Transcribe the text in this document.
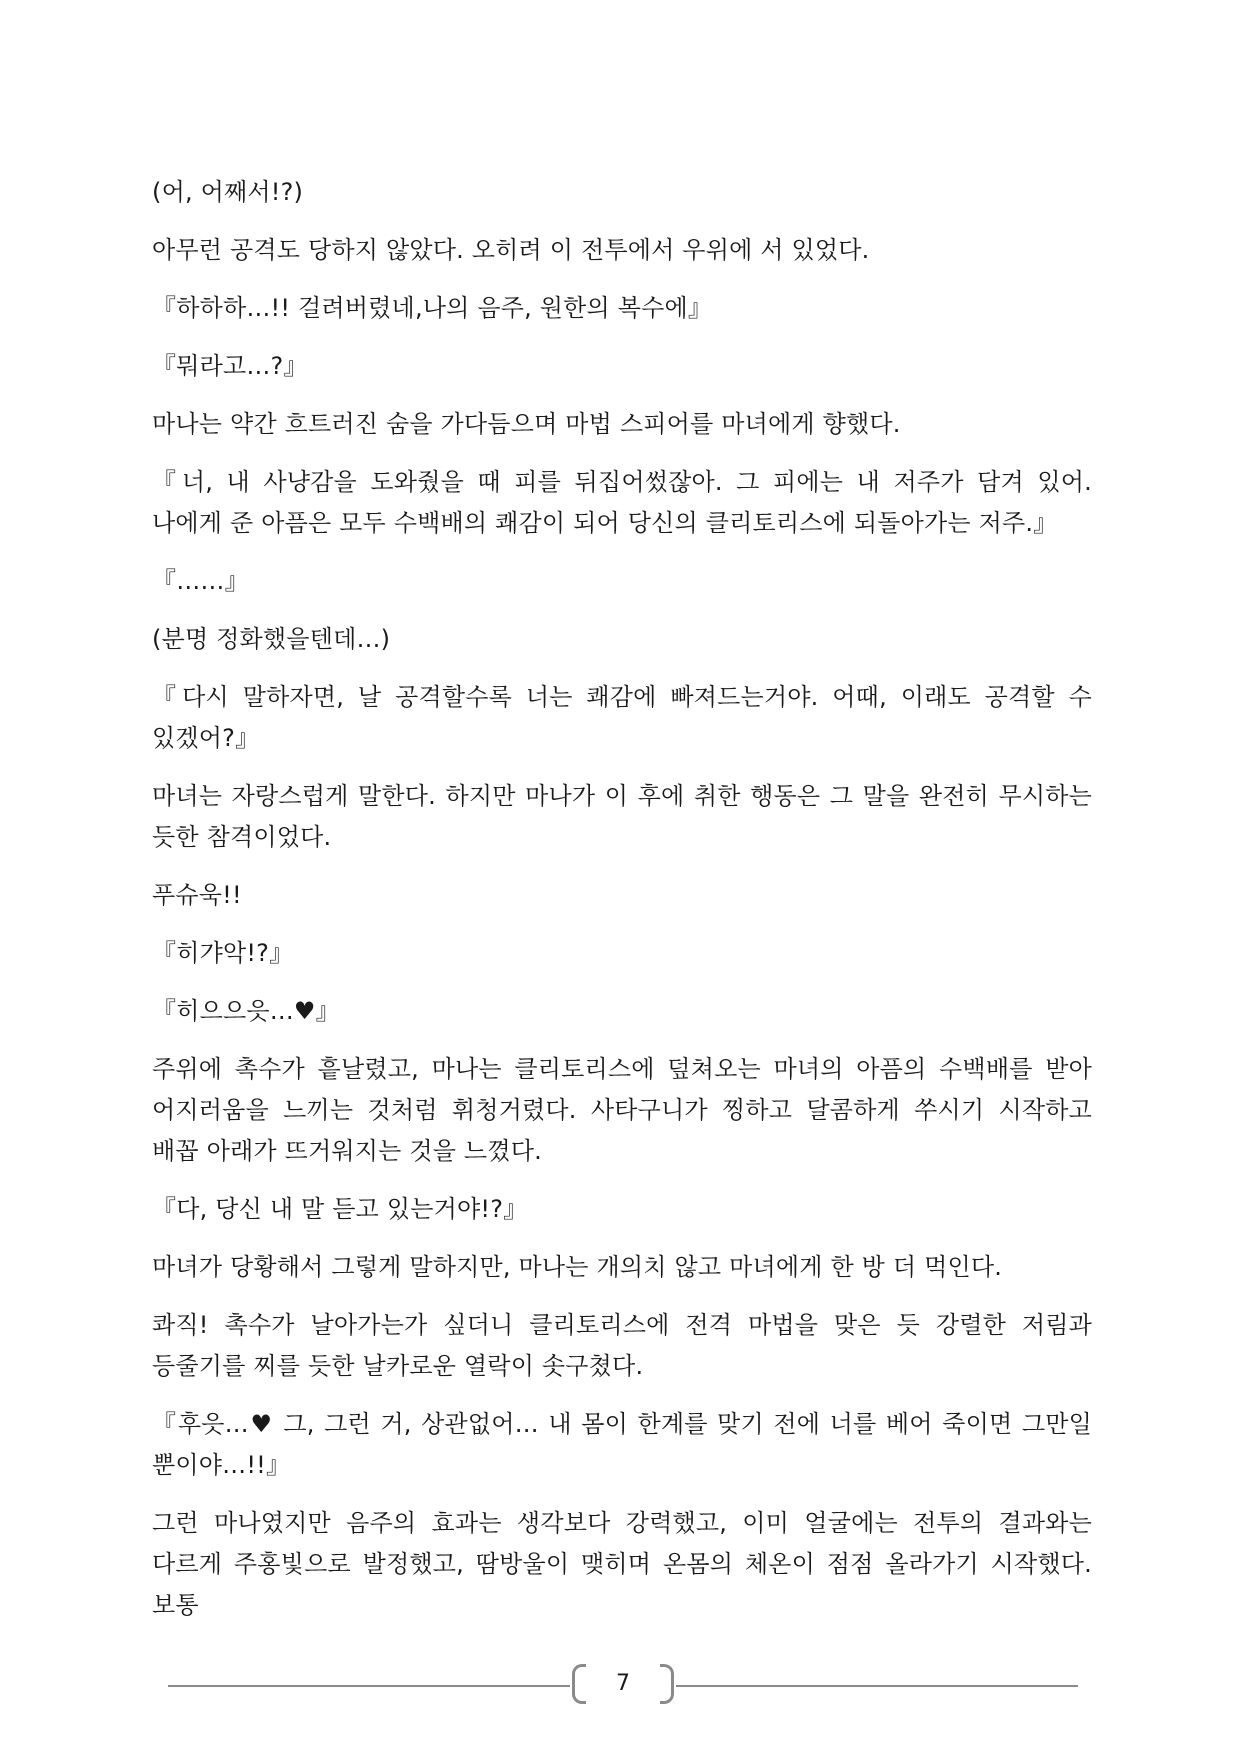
(어, 어째서!?)

아무런 공격도 당하지 않았다. 오히려 이 전투에서 우위에 서 있었다.

『하하하…!! 걸려버렸네,나의 음주, 원한의 복수에』

『뭐라고…?』

마나는 약간 흐트러진 숨을 가다듬으며 마법 스피어를 마녀에게 향했다.

『너, 내 사냥감을 도와줬을 때 피를 뒤집어썼잖아. 그 피에는 내 저주가 담겨 있어. 나에게 준 아픔은 모두 수백배의 쾌감이 되어 당신의 클리토리스에 되돌아가는 저주.』

『……』

(분명 정화했을텐데…)

『다시 말하자면, 날 공격할수록 너는 쾌감에 빠져드는거야. 어때, 이래도 공격할 수 있겠어?』

마녀는 자랑스럽게 말한다. 하지만 마나가 이 후에 취한 행동은 그 말을 완전히 무시하는 듯한 참격이었다.

푸슈욱!!

『히갸악!?』

『히으으읏…♥』

주위에 촉수가 흩날렸고, 마나는 클리토리스에 덮쳐오는 마녀의 아픔의 수백배를 받아 어지러움을 느끼는 것처럼 휘청거렸다. 사타구니가 찡하고 달콤하게 쑤시기 시작하고 배꼽 아래가 뜨거워지는 것을 느꼈다.

『다, 당신 내 말 듣고 있는거야!?』

마녀가 당황해서 그렇게 말하지만, 마나는 개의치 않고 마녀에게 한 방 더 먹인다.

콰직! 촉수가 날아가는가 싶더니 클리토리스에 전격 마법을 맞은 듯 강렬한 저림과 등줄기를 찌를 듯한 날카로운 열락이 솟구쳤다.

『후읏…♥ 그, 그런 거, 상관없어… 내 몸이 한계를 맞기 전에 너를 베어 죽이면 그만일 뿐이야…!!』

그런 마나였지만 음주의 효과는 생각보다 강력했고, 이미 얼굴에는 전투의 결과와는 다르게 주홍빛으로 발정했고, 땀방울이 맺히며 온몸의 체온이 점점 올라가기 시작했다. 보통

7
